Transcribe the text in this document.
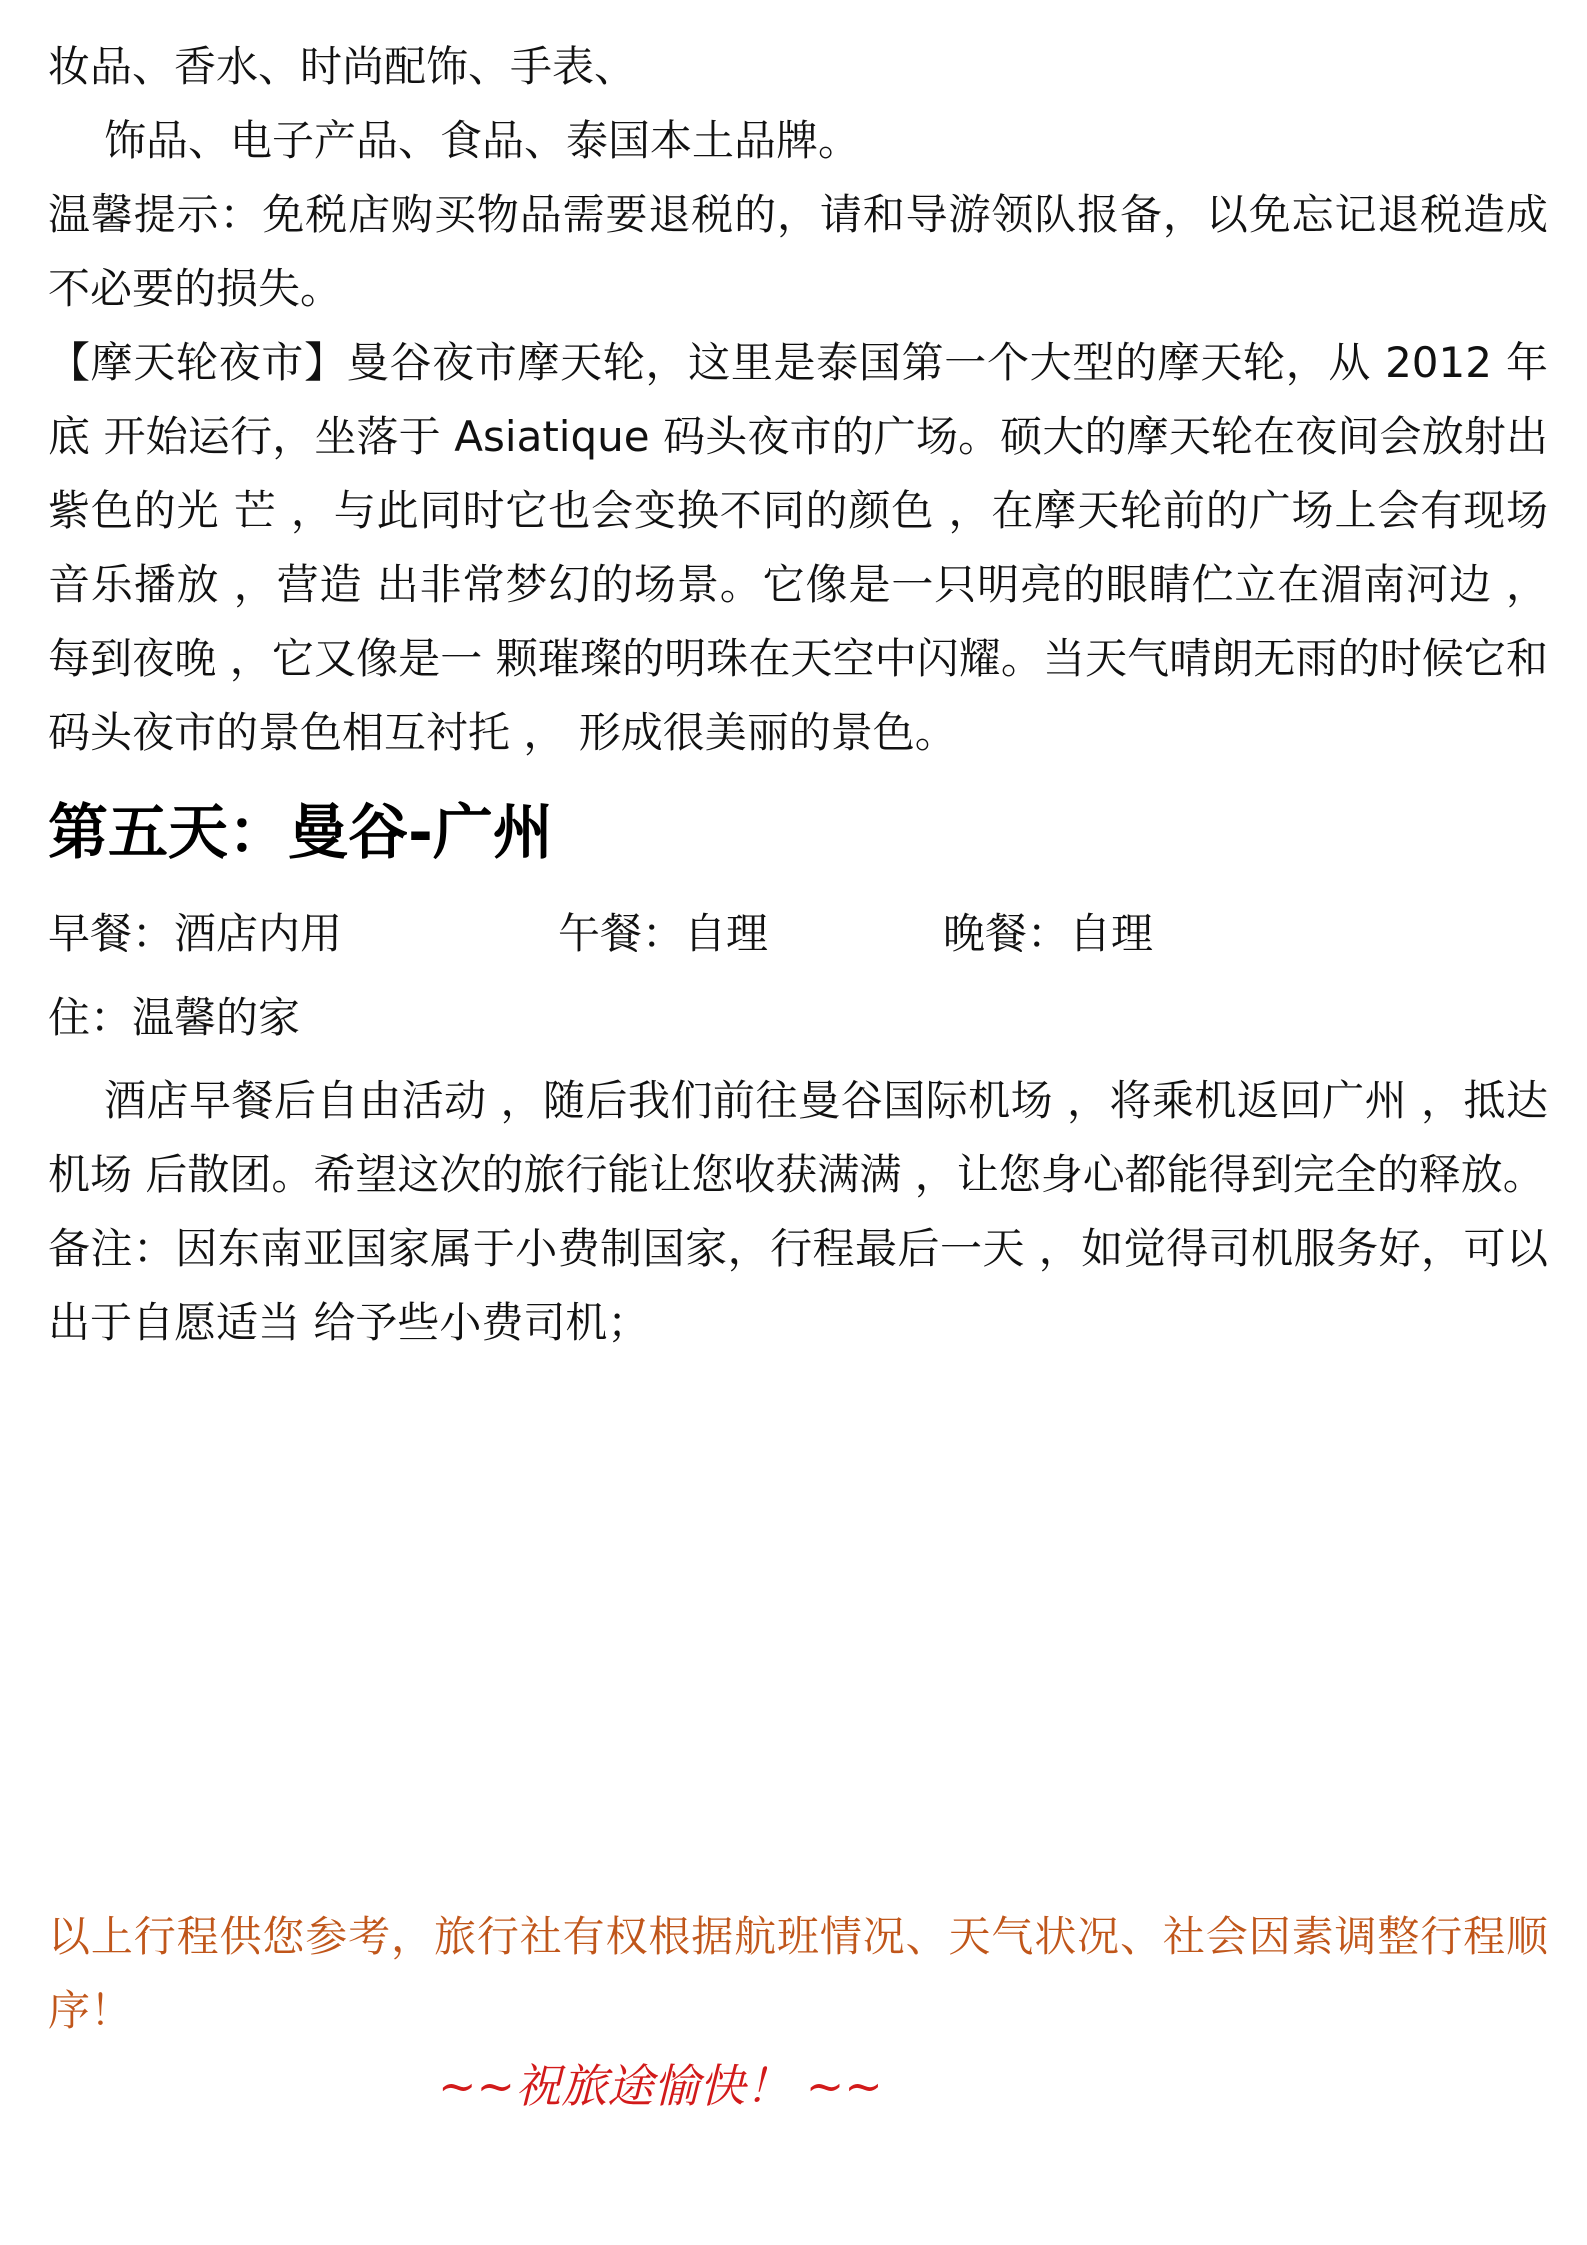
妆品、香水、时尚配饰、手表、

饰品、电子产品、食品、泰国本土品牌。

温馨提示：免税店购买物品需要退税的，请和导游领队报备，以免忘记退税造成不必要的损失。

【摩天轮夜市】曼谷夜市摩天轮，这里是泰国第一个大型的摩天轮，从 2012 年底 开始运行，坐落于 Asiatique 码头夜市的广场。硕大的摩天轮在夜间会放射出紫色的光 芒 ，与此同时它也会变换不同的颜色 ，在摩天轮前的广场上会有现场音乐播放 ，营造 出非常梦幻的场景。它像是一只明亮的眼睛伫立在湄南河边 ，每到夜晚 ，它又像是一 颗璀璨的明珠在天空中闪耀。当天气晴朗无雨的时候它和码头夜市的景色相互衬托 ， 形成很美丽的景色。

第五天：曼谷-广州
早餐：酒店内用	午餐：自理	晚餐：自理
住：温馨的家

酒店早餐后自由活动 ，随后我们前往曼谷国际机场 ，将乘机返回广州 ，抵达机场 后散团。希望这次的旅行能让您收获满满 ，让您身心都能得到完全的释放。

备注：因东南亚国家属于小费制国家，行程最后一天 ，如觉得司机服务好，可以出于自愿适当 给予些小费司机；

以上行程供您参考，旅行社有权根据航班情况、天气状况、社会因素调整行程顺序！

~~祝旅途愉快！ ~~
